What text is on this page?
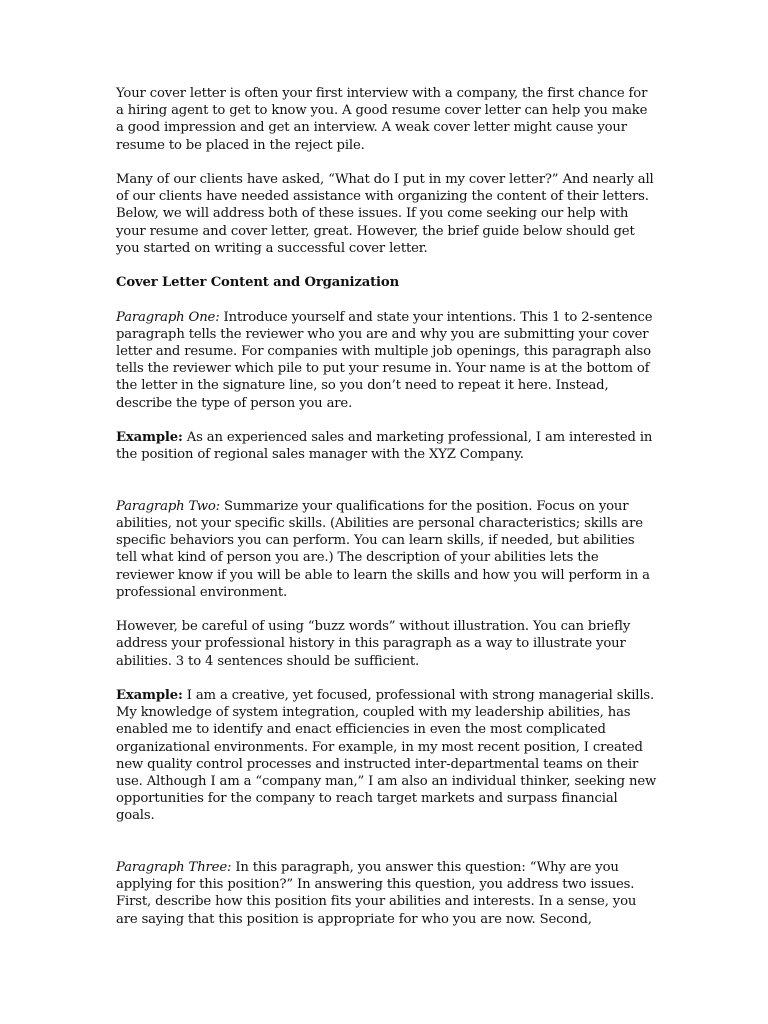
Your cover letter is often your first interview with a company, the first chance for a hiring agent to get to know you. A good resume cover letter can help you make a good impression and get an interview. A weak cover letter might cause your resume to be placed in the reject pile.

Many of our clients have asked, “What do I put in my cover letter?” And nearly all of our clients have needed assistance with organizing the content of their letters. Below, we will address both of these issues. If you come seeking our help with your resume and cover letter, great. However, the brief guide below should get you started on writing a successful cover letter.

Cover Letter Content and Organization

Paragraph One: Introduce yourself and state your intentions. This 1 to 2-sentence paragraph tells the reviewer who you are and why you are submitting your cover letter and resume. For companies with multiple job openings, this paragraph also tells the reviewer which pile to put your resume in. Your name is at the bottom of the letter in the signature line, so you don’t need to repeat it here. Instead, describe the type of person you are.

Example: As an experienced sales and marketing professional, I am interested in the position of regional sales manager with the XYZ Company.

Paragraph Two: Summarize your qualifications for the position. Focus on your abilities, not your specific skills. (Abilities are personal characteristics; skills are specific behaviors you can perform. You can learn skills, if needed, but abilities tell what kind of person you are.) The description of your abilities lets the reviewer know if you will be able to learn the skills and how you will perform in a professional environment.

However, be careful of using “buzz words” without illustration. You can briefly address your professional history in this paragraph as a way to illustrate your abilities. 3 to 4 sentences should be sufficient.

Example: I am a creative, yet focused, professional with strong managerial skills. My knowledge of system integration, coupled with my leadership abilities, has enabled me to identify and enact efficiencies in even the most complicated organizational environments. For example, in my most recent position, I created new quality control processes and instructed inter-departmental teams on their use. Although I am a “company man,” I am also an individual thinker, seeking new opportunities for the company to reach target markets and surpass financial goals.

Paragraph Three: In this paragraph, you answer this question: “Why are you applying for this position?” In answering this question, you address two issues. First, describe how this position fits your abilities and interests. In a sense, you are saying that this position is appropriate for who you are now. Second,
